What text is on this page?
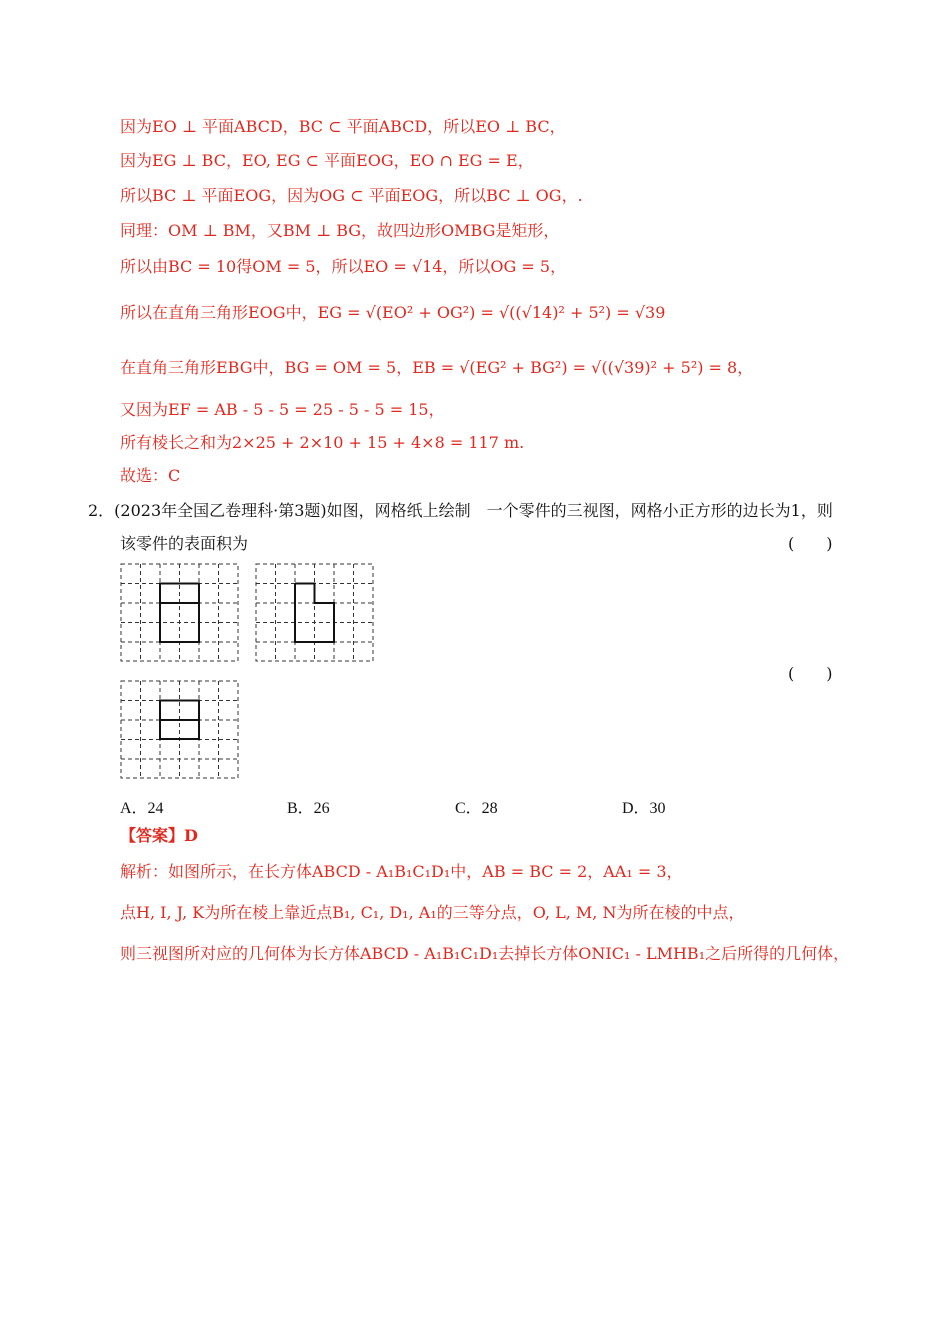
因为EO ⊥ 平面ABCD，BC ⊂ 平面ABCD，所以EO ⊥ BC，
因为EG ⊥ BC，EO, EG ⊂ 平面EOG，EO ∩ EG = E，
所以BC ⊥ 平面EOG，因为OG ⊂ 平面EOG，所以BC ⊥ OG，.
同理：OM ⊥ BM，又BM ⊥ BG，故四边形OMBG是矩形，
所以由BC = 10得OM = 5，所以EO = √14，所以OG = 5，
所以在直角三角形EOG中，EG = √(EO² + OG²) = √((√14)² + 5²) = √39
在直角三角形EBG中，BG = OM = 5，EB = √(EG² + BG²) = √((√39)² + 5²) = 8，
又因为EF = AB - 5 - 5 = 25 - 5 - 5 = 15，
所有棱长之和为2×25 + 2×10 + 15 + 4×8 = 117 m.
故选：C
2．(2023年全国乙卷理科·第3题)如图，网格纸上绘制　一个零件的三视图，网格小正方形的边长为1，则
该零件的表面积为	(　　)
(　　)
A．24	B．26	C．28	D．30
【答案】D
解析：如图所示，在长方体ABCD - A₁B₁C₁D₁中，AB = BC = 2，AA₁ = 3，
点H, I, J, K为所在棱上靠近点B₁, C₁, D₁, A₁的三等分点，O, L, M, N为所在棱的中点，
则三视图所对应的几何体为长方体ABCD - A₁B₁C₁D₁去掉长方体ONIC₁ - LMHB₁之后所得的几何体，
